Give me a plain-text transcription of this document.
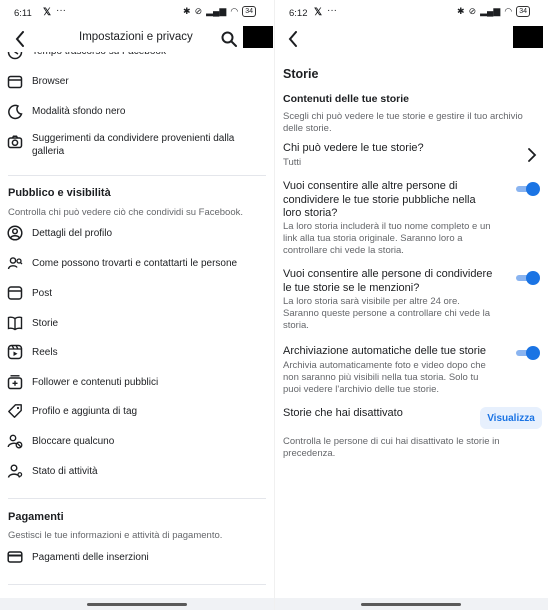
6:11 𝕏 ···	✱ ⊘ ▂▄▆ ◠	34
Impostazioni e privacy
Browser
Modalità sfondo nero
Suggerimenti da condividere provenienti dalla galleria
Pubblico e visibilità
Controlla chi può vedere ciò che condividi su Facebook.
Dettagli del profilo
Come possono trovarti e contattarti le persone
Post
Storie
Reels
Follower e contenuti pubblici
Profilo e aggiunta di tag
Bloccare qualcuno
Stato di attività
Pagamenti
Gestisci le tue informazioni e attività di pagamento.
Pagamenti delle inserzioni
6:12 𝕏 ···	✱ ⊘ ▂▄▆ ◠	34
Storie
Contenuti delle tue storie
Scegli chi può vedere le tue storie e gestire il tuo archivio delle storie.
Chi può vedere le tue storie?
Tutti
Vuoi consentire alle altre persone di condividere le tue storie pubbliche nella loro storia?
La loro storia includerà il tuo nome completo e un link alla tua storia originale. Saranno loro a controllare chi vede la storia.
Vuoi consentire alle persone di condividere le tue storie se le menzioni?
La loro storia sarà visibile per altre 24 ore. Saranno queste persone a controllare chi vede la storia.
Archiviazione automatiche delle tue storie
Archivia automaticamente foto e video dopo che non saranno più visibili nella tua storia. Solo tu puoi vedere l'archivio delle tue storie.
Storie che hai disattivato	Visualizza
Controlla le persone di cui hai disattivato le storie in precedenza.
